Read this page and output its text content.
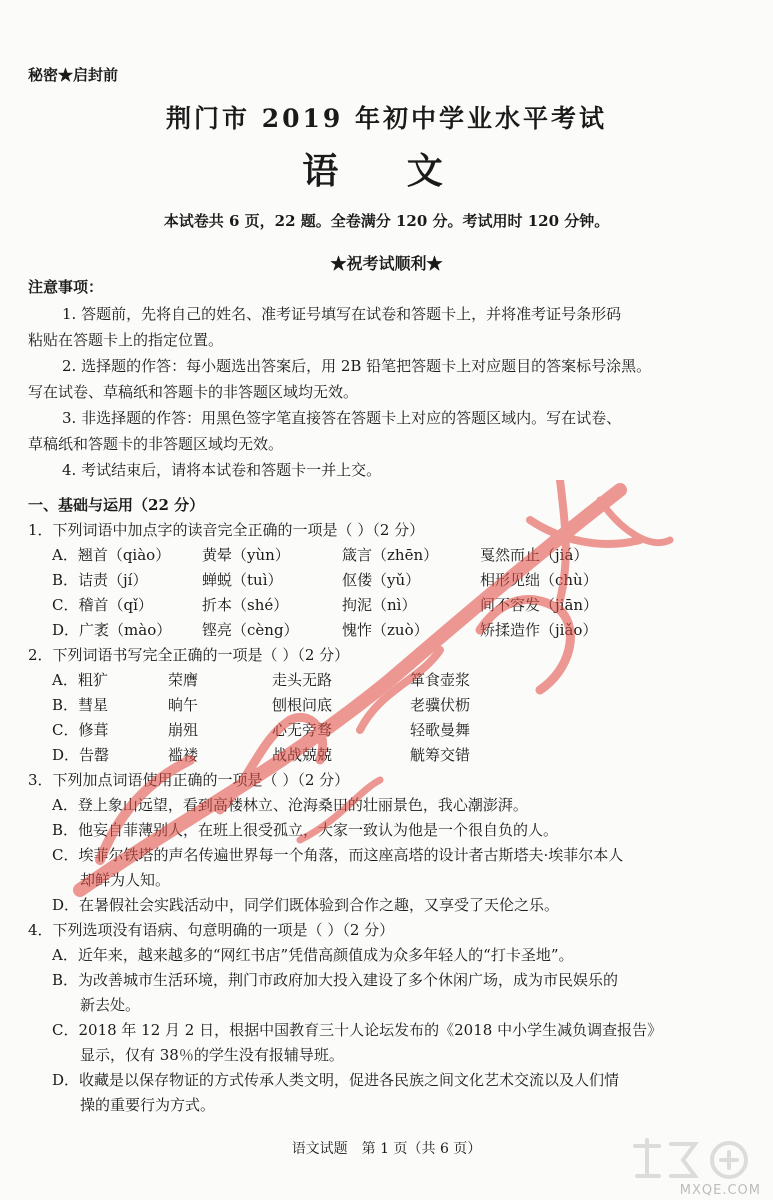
秘密★启封前
荆门市 2019 年初中学业水平考试
语 文
本试卷共 6 页，22 题。全卷满分 120 分。考试用时 120 分钟。
★祝考试顺利★
注意事项：
1. 答题前，先将自己的姓名、准考证号填写在试卷和答题卡上，并将准考证号条形码
粘贴在答题卡上的指定位置。
2. 选择题的作答：每小题选出答案后，用 2B 铅笔把答题卡上对应题目的答案标号涂黑。
写在试卷、草稿纸和答题卡的非答题区域均无效。
3. 非选择题的作答：用黑色签字笔直接答在答题卡上对应的答题区域内。写在试卷、
草稿纸和答题卡的非答题区域均无效。
4. 考试结束后，请将本试卷和答题卡一并上交。
一、基础与运用（22 分）
1．下列词语中加点字的读音完全正确的一项是（ ）（2 分）
A．翘首（qiào） 黄晕（yùn）	箴言（zhēn）	戛然而止（jiá）
B．诘责（jí）	蝉蜕（tuì）	伛偻（yǔ）	相形见绌（chù）
C．稽首（qǐ）	折本（shé）	拘泥（nì）	间不容发（jiān）
D．广袤（mào） 铿亮（cèng）	愧怍（zuò）	矫揉造作（jiǎo）
2．下列词语书写完全正确的一项是（ ）（2 分）
A．粗犷	荣膺	走头无路	箪食壶浆
B．彗星	晌午	刨根问底	老骥伏枥
C．修葺	崩殂	心无旁骛	轻歌曼舞
D．告罄	褴褛	战战兢兢	觥筹交错
3．下列加点词语使用正确的一项是（ ）（2 分）
A．登上象山远望，看到高楼林立、沧海桑田的壮丽景色，我心潮澎湃。
B．他妄自菲薄别人，在班上很受孤立，大家一致认为他是一个很自负的人。
C．埃菲尔铁塔的声名传遍世界每一个角落，而这座高塔的设计者古斯塔夫·埃菲尔本人
却鲜为人知。
D．在暑假社会实践活动中，同学们既体验到合作之趣，又享受了天伦之乐。
4．下列选项没有语病、句意明确的一项是（ ）（2 分）
A．近年来，越来越多的“网红书店”凭借高颜值成为众多年轻人的“打卡圣地”。
B．为改善城市生活环境，荆门市政府加大投入建设了多个休闲广场，成为市民娱乐的
新去处。
C．2018 年 12 月 2 日，根据中国教育三十人论坛发布的《2018 中小学生减负调查报告》
显示，仅有 38％的学生没有报辅导班。
D．收藏是以保存物证的方式传承人类文明，促进各民族之间文化艺术交流以及人们情
操的重要行为方式。
语文试题　第 1 页（共 6 页）
MXQE.COM
